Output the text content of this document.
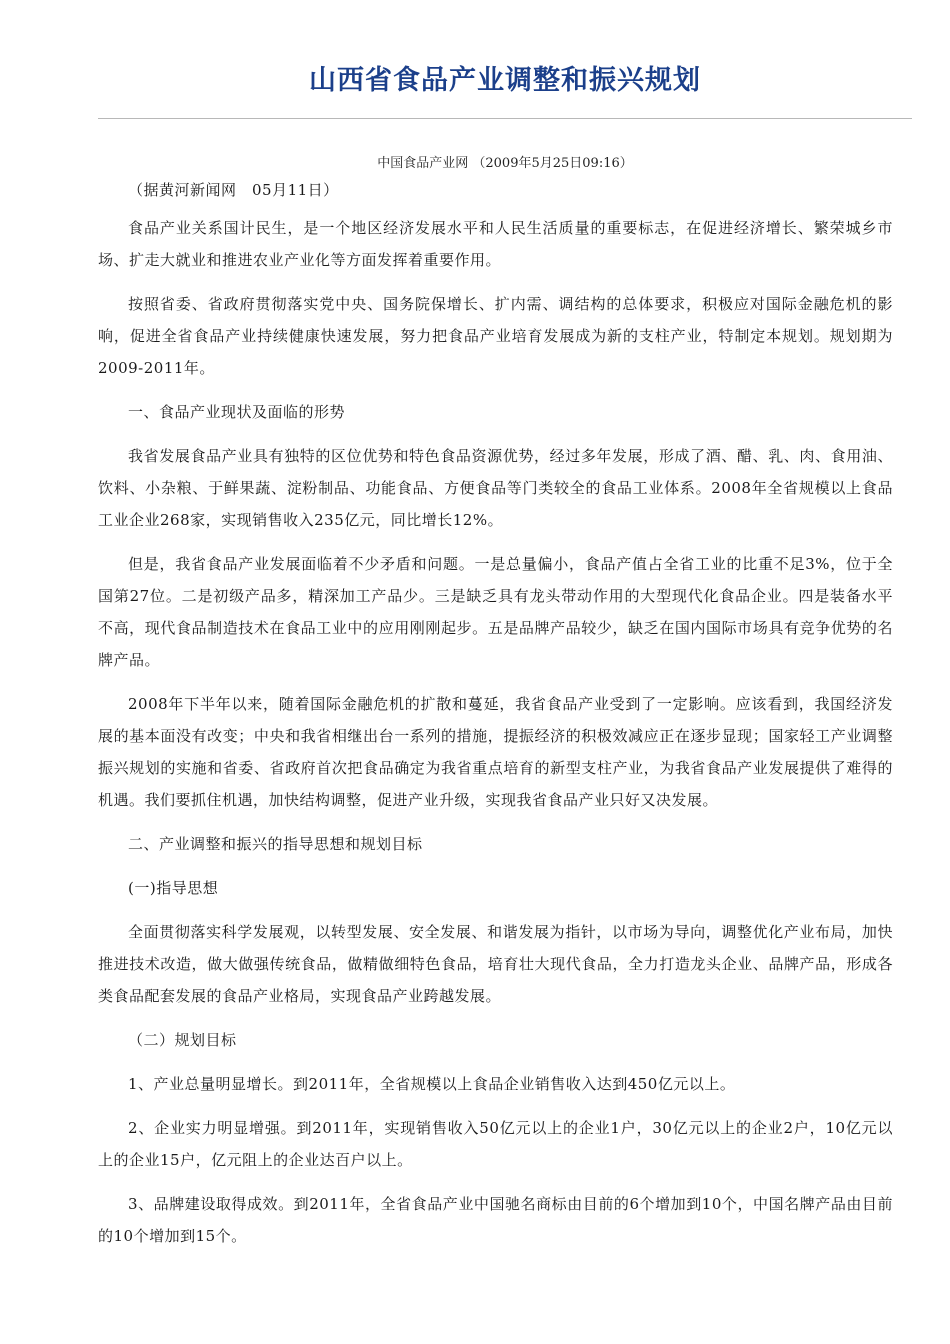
山西省食品产业调整和振兴规划

中国食品产业网 （2009年5月25日09:16）

（据黄河新闻网　05月11日）

食品产业关系国计民生，是一个地区经济发展水平和人民生活质量的重要标志，在促进经济增长、繁荣城乡市场、扩走大就业和推进农业产业化等方面发挥着重要作用。

按照省委、省政府贯彻落实党中央、国务院保增长、扩内需、调结构的总体要求，积极应对国际金融危机的影响，促进全省食品产业持续健康快速发展，努力把食品产业培育发展成为新的支柱产业，特制定本规划。规划期为2009-2011年。

一、食品产业现状及面临的形势

我省发展食品产业具有独特的区位优势和特色食品资源优势，经过多年发展，形成了酒、醋、乳、肉、食用油、饮料、小杂粮、于鲜果蔬、淀粉制品、功能食品、方便食品等门类较全的食品工业体系。2008年全省规模以上食品工业企业268家，实现销售收入235亿元，同比增长12%。

但是，我省食品产业发展面临着不少矛盾和问题。一是总量偏小，食品产值占全省工业的比重不足3%，位于全国第27位。二是初级产品多，精深加工产品少。三是缺乏具有龙头带动作用的大型现代化食品企业。四是装备水平不高，现代食品制造技术在食品工业中的应用刚刚起步。五是品牌产品较少，缺乏在国内国际市场具有竞争优势的名牌产品。

2008年下半年以来，随着国际金融危机的扩散和蔓延，我省食品产业受到了一定影响。应该看到，我国经济发展的基本面没有改变；中央和我省相继出台一系列的措施，提振经济的积极效减应正在逐步显现；国家轻工产业调整振兴规划的实施和省委、省政府首次把食品确定为我省重点培育的新型支柱产业，为我省食品产业发展提供了难得的机遇。我们要抓住机遇，加快结构调整，促进产业升级，实现我省食品产业只好又决发展。

二、产业调整和振兴的指导思想和规划目标

(一)指导思想

全面贯彻落实科学发展观，以转型发展、安全发展、和谐发展为指针，以市场为导向，调整优化产业布局，加快推进技术改造，做大做强传统食品，做精做细特色食品，培育壮大现代食品，全力打造龙头企业、品牌产品，形成各类食品配套发展的食品产业格局，实现食品产业跨越发展。

（二）规划目标

1、产业总量明显增长。到2011年，全省规模以上食品企业销售收入达到450亿元以上。

2、企业实力明显增强。到2011年，实现销售收入50亿元以上的企业1户，30亿元以上的企业2户，10亿元以上的企业15户，亿元阻上的企业达百户以上。

3、品牌建设取得成效。到2011年，全省食品产业中国驰名商标由目前的6个增加到10个，中国名牌产品由目前的10个增加到15个。
